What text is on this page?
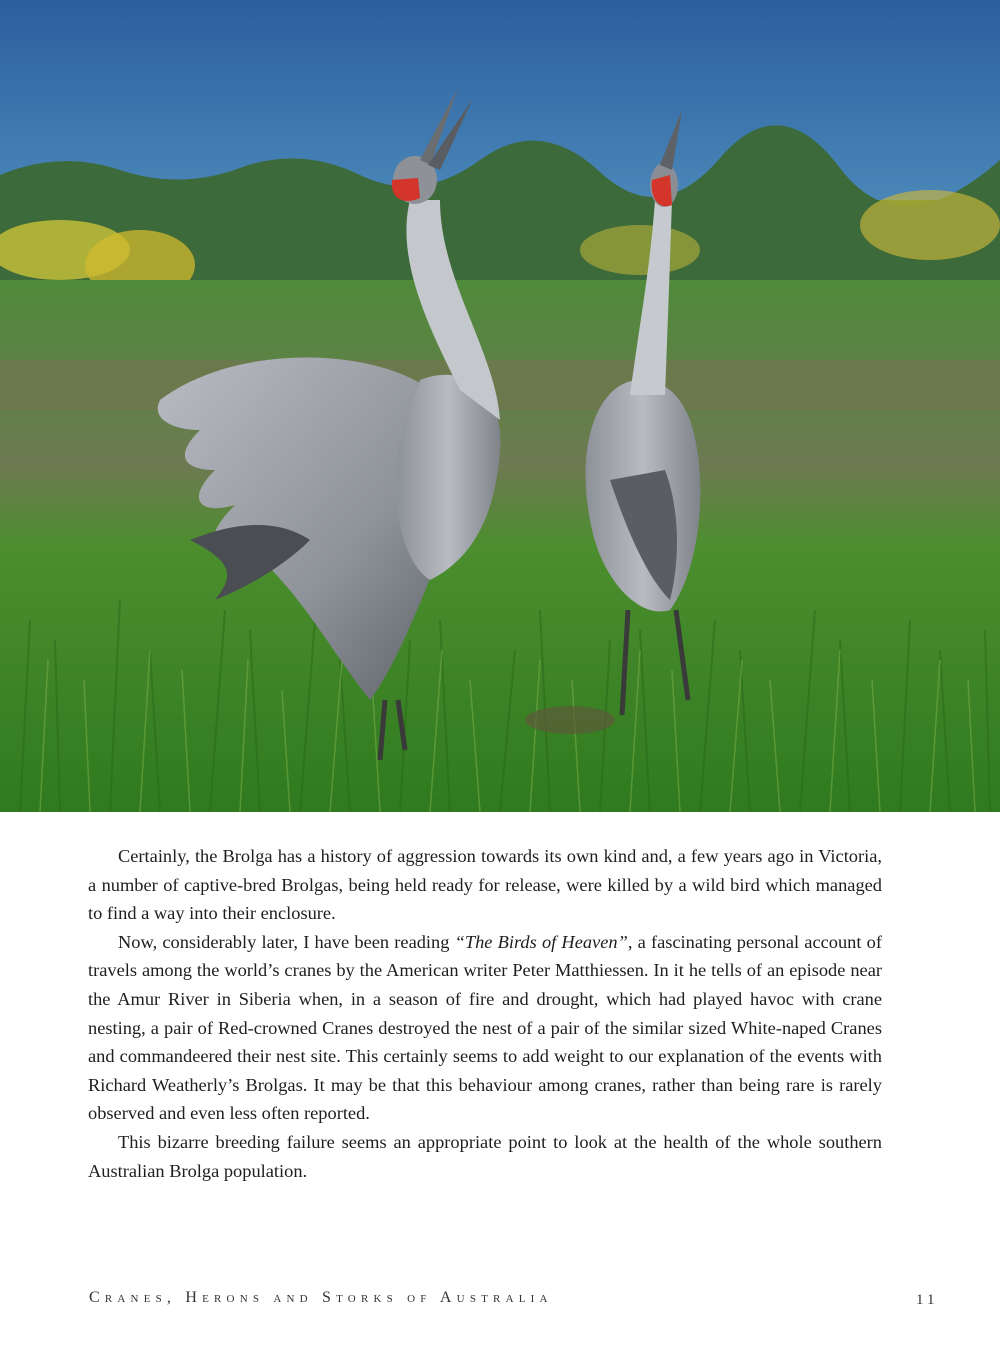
Certainly, the Brolga has a history of aggression towards its own kind and, a few years ago in Victoria, a number of captive-bred Brolgas, being held ready for release, were killed by a wild bird which managed to find a way into their enclosure.

Now, considerably later, I have been reading “The Birds of Heaven”, a fascinating personal account of travels among the world’s cranes by the American writer Peter Matthiessen. In it he tells of an episode near the Amur River in Siberia when, in a season of fire and drought, which had played havoc with crane nesting, a pair of Red-crowned Cranes destroyed the nest of a pair of the similar sized White-naped Cranes and commandeered their nest site. This certainly seems to add weight to our explanation of the events with Richard Weatherly’s Brolgas. It may be that this behaviour among cranes, rather than being rare is rarely observed and even less often reported.

This bizarre breeding failure seems an appropriate point to look at the health of the whole southern Australian Brolga population.

Cranes, Herons and Storks of Australia	11
